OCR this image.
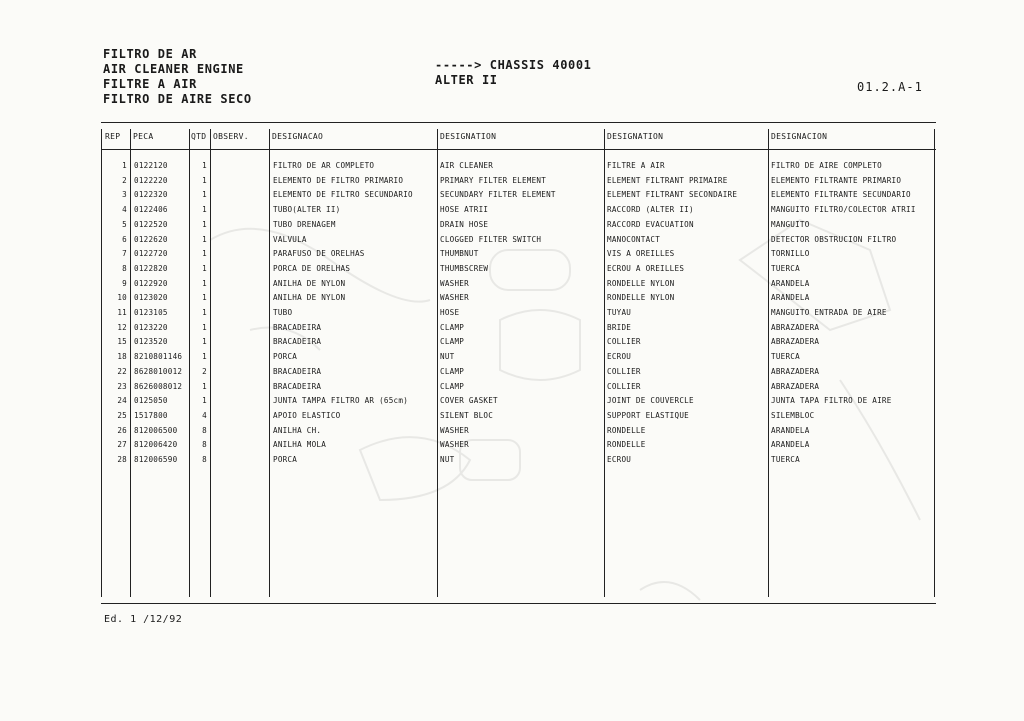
FILTRO DE AR
AIR CLEANER ENGINE
FILTRE A AIR
FILTRO DE AIRE SECO
-----> CHASSIS 40001
ALTER II	01.2.A-1
REP PECA	QTD OBSERV.	DESIGNACAO	DESIGNATION	DESIGNATION	DESIGNACION
1 0122120	1	FILTRO DE AR COMPLETO	AIR CLEANER	FILTRE A AIR	FILTRO DE AIRE COMPLETO
2 0122220	1	ELEMENTO DE FILTRO PRIMARIO	PRIMARY FILTER ELEMENT	ELEMENT FILTRANT PRIMAIRE	ELEMENTO FILTRANTE PRIMARIO
3 0122320	1	ELEMENTO DE FILTRO SECUNDARIO	SECUNDARY FILTER ELEMENT	ELEMENT FILTRANT SECONDAIRE	ELEMENTO FILTRANTE SECUNDARIO
4 0122406	1	TUBO(ALTER II)	HOSE ATRII	RACCORD (ALTER II)	MANGUITO FILTRO/COLECTOR ATRII
5 0122520	1	TUBO DRENAGEM	DRAIN HOSE	RACCORD EVACUATION	MANGUITO
6 0122620	1	VALVULA	CLOGGED FILTER SWITCH	MANOCONTACT	DETECTOR OBSTRUCION FILTRO
7 0122720	1	PARAFUSO DE ORELHAS	THUMBNUT	VIS A OREILLES	TORNILLO
8 0122820	1	PORCA DE ORELHAS	THUMBSCREW	ECROU A OREILLES	TUERCA
9 0122920	1	ANILHA DE NYLON	WASHER	RONDELLE NYLON	ARANDELA
10 0123020	1	ANILHA DE NYLON	WASHER	RONDELLE NYLON	ARANDELA
11 0123105	1	TUBO	HOSE	TUYAU	MANGUITO ENTRADA DE AIRE
12 0123220	1	BRACADEIRA	CLAMP	BRIDE	ABRAZADERA
15 0123520	1	BRACADEIRA	CLAMP	COLLIER	ABRAZADERA
18 8210801146	1	PORCA	NUT	ECROU	TUERCA
22 8628010012	2	BRACADEIRA	CLAMP	COLLIER	ABRAZADERA
23 8626008012	1	BRACADEIRA	CLAMP	COLLIER	ABRAZADERA
24 0125050	1	JUNTA TAMPA FILTRO AR (65cm)	COVER GASKET	JOINT DE COUVERCLE	JUNTA TAPA FILTRO DE AIRE
25 1517800	4	APOIO ELASTICO	SILENT BLOC	SUPPORT ELASTIQUE	SILEMBLOC
26 812006500	8	ANILHA CH.	WASHER	RONDELLE	ARANDELA
27 812006420	8	ANILHA MOLA	WASHER	RONDELLE	ARANDELA
28 812006590	8	PORCA	NUT	ECROU	TUERCA
Ed. 1 /12/92
